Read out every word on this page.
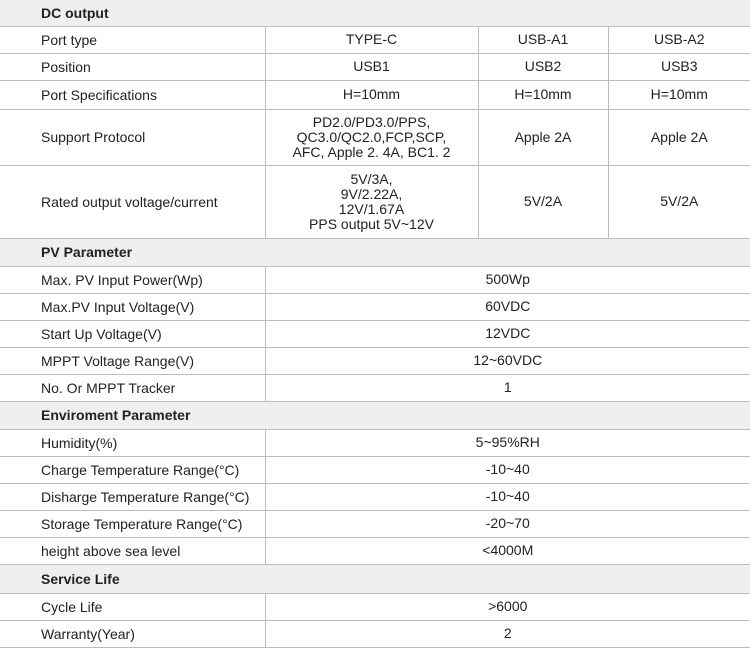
DC output			
Port type	TYPE-C	USB-A1	USB-A2
Position	USB1	USB2	USB3
Port Specifications	H=10mm	H=10mm	H=10mm
Support Protocol	PD2.0/PD3.0/PPS,
QC3.0/QC2.0,FCP,SCP,
AFC, Apple 2. 4A, BC1. 2	Apple 2A	Apple 2A
Rated output voltage/current	5V/3A,
9V/2.22A,
12V/1.67A
PPS output 5V~12V	5V/2A	5V/2A
PV Parameter			
Max. PV Input Power(Wp)	500Wp		
Max.PV Input Voltage(V)	60VDC		
Start Up Voltage(V)	12VDC		
MPPT Voltage Range(V)	12~60VDC		
No. Or MPPT Tracker	1		
Enviroment Parameter			
Humidity(%)	5~95%RH		
Charge Temperature Range(°C)	-10~40		
Disharge Temperature Range(°C)	-10~40		
Storage Temperature Range(°C)	-20~70		
height above sea level	<4000M		
Service Life			
Cycle Life	>6000		
Warranty(Year)	2		
